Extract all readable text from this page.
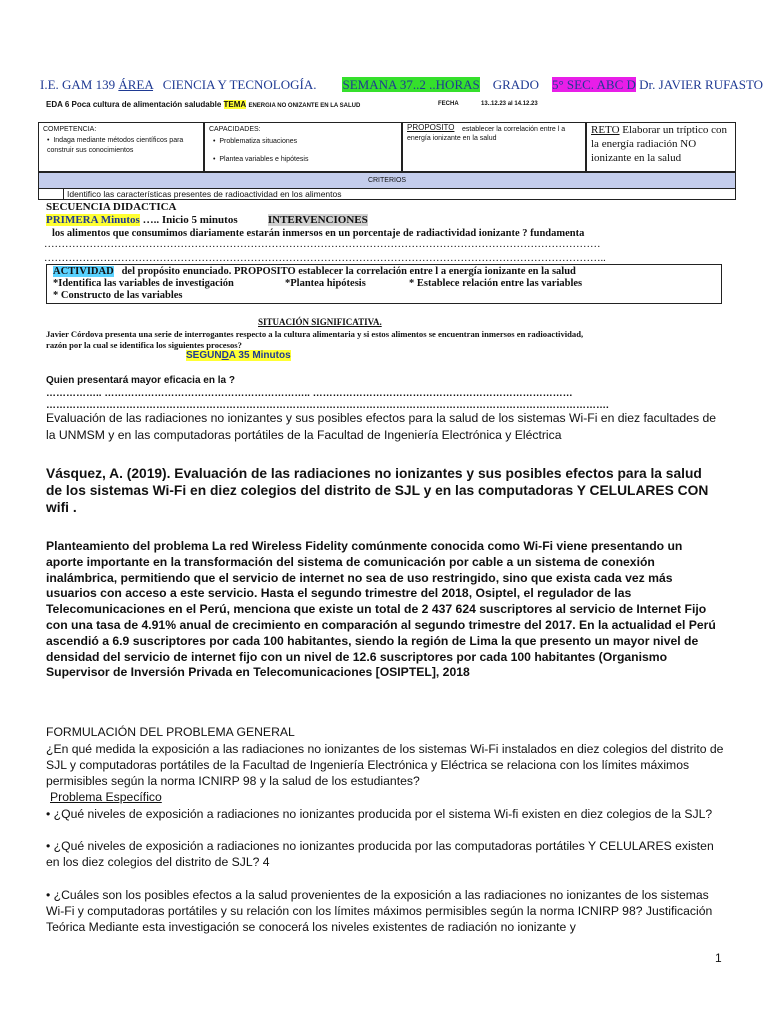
I.E. GAM 139 ÁREA CIENCIA Y TECNOLOGÍA. SEMANA 37..2 ..HORAS GRADO 5° SEC. ABC D Dr. JAVIER RUFASTO
EDA 6 Poca cultura de alimentación saludable TEMA ENERGIA NO ONIZANTE EN LA SALUD	FECHA	13..12.23 al 14.12.23
COMPETENCIA:
•  Indaga mediante métodos científicos para construir sus conocimientos
CAPACIDADES:
•  Problematiza situaciones
•  Plantea variables e hipótesis
PROPOSITO	establecer la correlación entre l a energía ionizante en la salud
RETO Elaborar un tríptico con la energía radiación NO ionizante en la salud
CRITERIOS
Identifico las características presentes de radioactividad en los alimentos
SECUENCIA DIDACTICA
PRIMERA Minutos ….. Inicio 5 minutos	INTERVENCIONES
los alimentos que consumimos diariamente estarán inmersos en un porcentaje de radiactividad ionizante ? fundamenta
……………………………………………………………………………………………………………………………………………
……………………………………………………………………………………………………………………………………………..
ACTIVIDAD del propósito enunciado. PROPOSITO establecer la correlación entre l a energía ionizante en la salud
*Identifica las variables de investigación	*Plantea hipótesis	* Establece relación entre las variables
* Constructo de las variables
SITUACIÓN SIGNIFICATIVA.
Javier Córdova presenta una serie de interrogantes respecto a la cultura alimentaria y si estos alimentos se encuentran inmersos en radioactividad,
razón por la cual se identifica los siguientes procesos?
SEGUNDA 35 Minutos
Quien presentará mayor eficacia en la ?
…………….. …………………………………………………….. ……………………………………………………………………
…………………………………………………………………………………………………………………………………………………….
Evaluación de las radiaciones no ionizantes y sus posibles efectos para la salud de los sistemas Wi-Fi en diez facultades de la UNMSM y en las computadoras portátiles de la Facultad de Ingeniería Electrónica y Eléctrica
Vásquez, A. (2019). Evaluación de las radiaciones no ionizantes y sus posibles efectos para la salud de los sistemas Wi-Fi en diez colegios del distrito de SJL y en las computadoras Y CELULARES CON wifi .
Planteamiento del problema La red Wireless Fidelity comúnmente conocida como Wi-Fi viene presentando un aporte importante en la transformación del sistema de comunicación por cable a un sistema de conexión inalámbrica, permitiendo que el servicio de internet no sea de uso restringido, sino que exista cada vez más usuarios con acceso a este servicio. Hasta el segundo trimestre del 2018, Osiptel, el regulador de las Telecomunicaciones en el Perú, menciona que existe un total de 2 437 624 suscriptores al servicio de Internet Fijo con una tasa de 4.91% anual de crecimiento en comparación al segundo trimestre del 2017. En la actualidad el Perú ascendió a 6.9 suscriptores por cada 100 habitantes, siendo la región de Lima la que presento un mayor nivel de densidad del servicio de internet fijo con un nivel de 12.6 suscriptores por cada 100 habitantes (Organismo Supervisor de Inversión Privada en Telecomunicaciones [OSIPTEL], 2018
FORMULACIÓN DEL PROBLEMA GENERAL
¿En qué medida la exposición a las radiaciones no ionizantes de los sistemas Wi-Fi instalados en diez colegios del distrito de SJL y computadoras portátiles de la Facultad de Ingeniería Electrónica y Eléctrica se relaciona con los límites máximos permisibles según la norma ICNIRP 98 y la salud de los estudiantes?
Problema Específico
• ¿Qué niveles de exposición a radiaciones no ionizantes producida por el sistema Wi-fi existen en diez colegios de la SJL?
• ¿Qué niveles de exposición a radiaciones no ionizantes producida por las computadoras portátiles Y CELULARES existen en los diez colegios del distrito de SJL? 4
• ¿Cuáles son los posibles efectos a la salud provenientes de la exposición a las radiaciones no ionizantes de los sistemas Wi-Fi y computadoras portátiles y su relación con los límites máximos permisibles según la norma ICNIRP 98? Justificación Teórica Mediante esta investigación se conocerá los niveles existentes de radiación no ionizante y
1
